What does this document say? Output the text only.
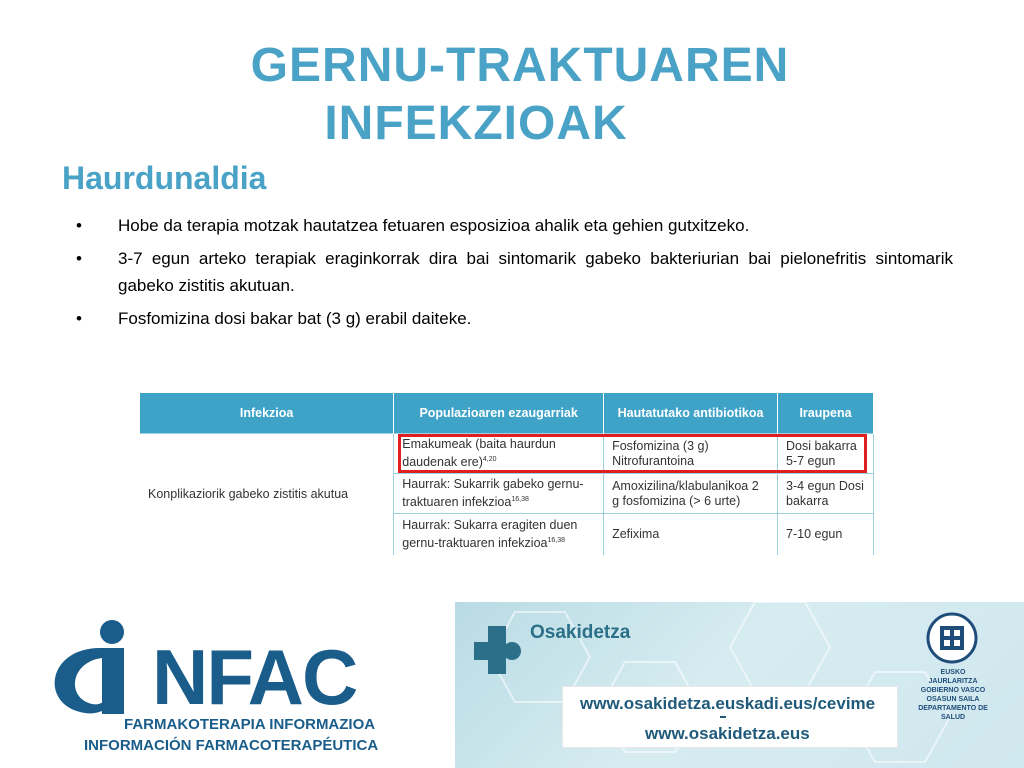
GERNU-TRAKTUAREN
INFEKZIOAK
Haurdunaldia
• Hobe da terapia motzak hautatzea fetuaren esposizioa ahalik eta gehien gutxitzeko.
• 3-7 egun arteko terapiak eraginkorrak dira bai sintomarik gabeko bakteriurian bai pielonefritis sintomarik gabeko zistitis akutuan.
• Fosfomizina dosi bakar bat (3 g) erabil daiteke.
Infekzioa	Populazioaren ezaugarriak	Hautatutako antibiotikoa	Iraupena
Konplikaziorik gabeko zistitis akutua	Emakumeak (baita haurdun daudenak ere)$^{4,20}$	Fosfomizina (3 g) Nitrofurantoina	Dosi bakarra 5-7 egun
	Haurrak: Sukarrik gabeko gernu-traktuaren infekzioa$^{16,38}$	Amoxizilina/klabulanikoa 2 g fosfomizina (> 6 urte)	3-4 egun Dosi bakarra
	Haurrak: Sukarra eragiten duen gernu-traktuaren infekzioa$^{16,38}$	Zefixima	7-10 egun
NFAC
FARMAKOTERAPIA INFORMAZIOA
INFORMACIÓN FARMACOTERAPÉUTICA
Osakidetza
www.osakidetza.euskadi.eus/cevime
www.osakidetza.eus
EUSKO JAURLARITZA GOBIERNO VASCO OSASUN SAILA DEPARTAMENTO DE SALUD
